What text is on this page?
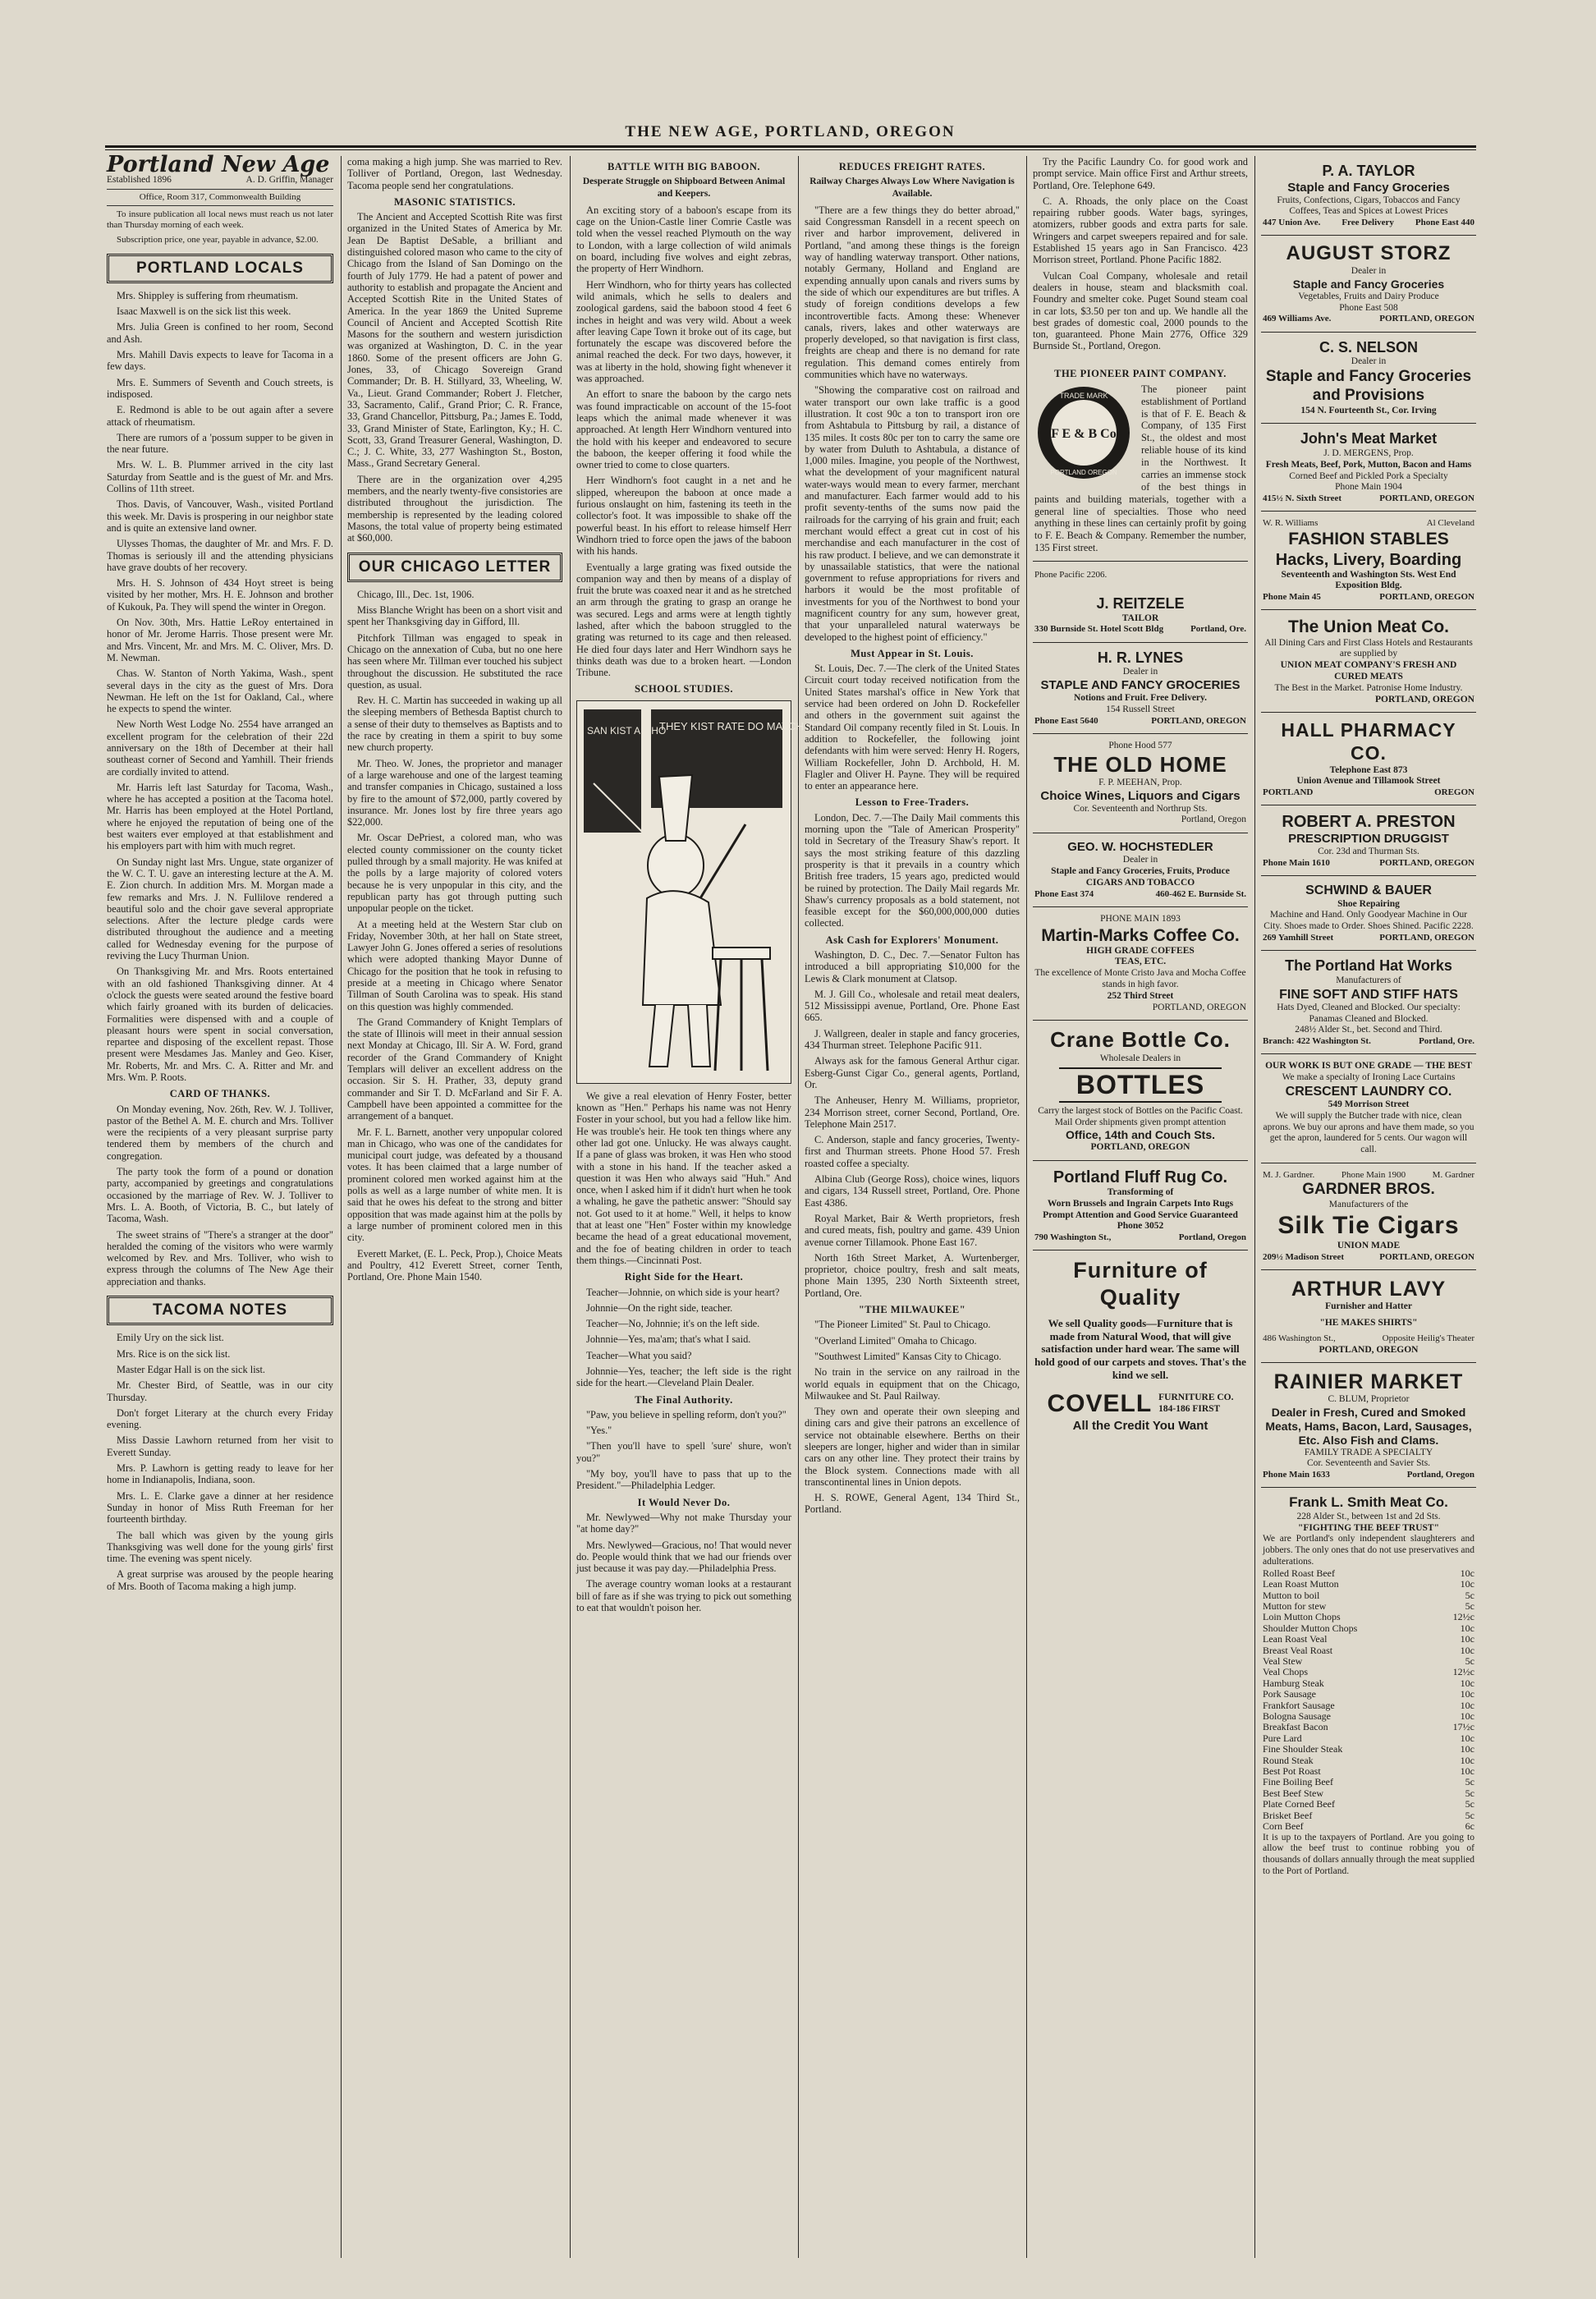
THE NEW AGE, PORTLAND, OREGON
Portland New Age
Established 1896	A. D. Griffin, Manager
Office, Room 317, Commonwealth Building

To insure publication all local news must reach us not later than Thursday morning of each week.

Subscription price, one year, payable in advance, $2.00.

PORTLAND LOCALS

Mrs. Shippley is suffering from rheumatism.

Isaac Maxwell is on the sick list this week.

Mrs. Julia Green is confined to her room, Second and Ash.

Mrs. Mahill Davis expects to leave for Tacoma in a few days.

Mrs. E. Summers of Seventh and Couch streets, is indisposed.

E. Redmond is able to be out again after a severe attack of rheumatism.

There are rumors of a 'possum supper to be given in the near future.

Mrs. W. L. B. Plummer arrived in the city last Saturday from Seattle and is the guest of Mr. and Mrs. Collins of 11th street.

Thos. Davis, of Vancouver, Wash., visited Portland this week. Mr. Davis is prospering in our neighbor state and is quite an extensive land owner.

Ulysses Thomas, the daughter of Mr. and Mrs. F. D. Thomas is seriously ill and the attending physicians have grave doubts of her recovery.

Mrs. H. S. Johnson of 434 Hoyt street is being visited by her mother, Mrs. H. E. Johnson and brother of Kukouk, Pa. They will spend the winter in Oregon.

On Nov. 30th, Mrs. Hattie LeRoy entertained in honor of Mr. Jerome Harris. Those present were Mr. and Mrs. Vincent, Mr. and Mrs. M. C. Oliver, Mrs. D. M. Newman.

Chas. W. Stanton of North Yakima, Wash., spent several days in the city as the guest of Mrs. Dora Newman. He left on the 1st for Oakland, Cal., where he expects to spend the winter.

New North West Lodge No. 2554 have arranged an excellent program for the celebration of their 22d anniversary on the 18th of December at their hall southeast corner of Second and Yamhill. Their friends are cordially invited to attend.

Mr. Harris left last Saturday for Tacoma, Wash., where he has accepted a position at the Tacoma hotel. Mr. Harris has been employed at the Hotel Portland, where he enjoyed the reputation of being one of the best waiters ever employed at that establishment and his employers part with him with much regret.

On Sunday night last Mrs. Ungue, state organizer of the W. C. T. U. gave an interesting lecture at the A. M. E. Zion church. In addition Mrs. M. Morgan made a few remarks and Mrs. J. N. Fullilove rendered a beautiful solo and the choir gave several appropriate selections. After the lecture pledge cards were distributed throughout the audience and a meeting called for Wednesday evening for the purpose of reviving the Lucy Thurman Union.

On Thanksgiving Mr. and Mrs. Roots entertained with an old fashioned Thanksgiving dinner. At 4 o'clock the guests were seated around the festive board which fairly groaned with its burden of delicacies. Formalities were dispensed with and a couple of pleasant hours were spent in social conversation, repartee and disposing of the excellent repast. Those present were Mesdames Jas. Manley and Geo. Kiser, Mr. Roberts, Mr. and Mrs. C. A. Ritter and Mr. and Mrs. Wm. P. Roots.

CARD OF THANKS.

On Monday evening, Nov. 26th, Rev. W. J. Tolliver, pastor of the Bethel A. M. E. church and Mrs. Tolliver were the recipients of a very pleasant surprise party tendered them by members of the church and congregation.

The party took the form of a pound or donation party, accompanied by greetings and congratulations occasioned by the marriage of Rev. W. J. Tolliver to Mrs. L. A. Booth, of Victoria, B. C., but lately of Tacoma, Wash.

The sweet strains of "There's a stranger at the door" heralded the coming of the visitors who were warmly welcomed by Rev. and Mrs. Tolliver, who wish to express through the columns of The New Age their appreciation and thanks.

TACOMA NOTES

Emily Ury on the sick list.

Mrs. Rice is on the sick list.

Master Edgar Hall is on the sick list.

Mr. Chester Bird, of Seattle, was in our city Thursday.

Don't forget Literary at the church every Friday evening.

Miss Dassie Lawhorn returned from her visit to Everett Sunday.

Mrs. P. Lawhorn is getting ready to leave for her home in Indianapolis, Indiana, soon.

Mrs. L. E. Clarke gave a dinner at her residence Sunday in honor of Miss Ruth Freeman for her fourteenth birthday.

The ball which was given by the young girls Thanksgiving was well done for the young girls' first time. The evening was spent nicely.

A great surprise was aroused by the people hearing of Mrs. Booth of Tacoma making a high jump.

coma making a high jump. She was married to Rev. Tolliver of Portland, Oregon, last Wednesday. Tacoma people send her congratulations.

MASONIC STATISTICS.

The Ancient and Accepted Scottish Rite was first organized in the United States of America by Mr. Jean De Baptist DeSable, a brilliant and distinguished colored mason who came to the city of Chicago from the Island of San Domingo on the fourth of July 1779. He had a patent of power and authority to establish and propagate the Ancient and Accepted Scottish Rite in the United States of America. In the year 1869 the United Supreme Council of Ancient and Accepted Scottish Rite Masons for the southern and western jurisdiction was organized at Washington, D. C. in the year 1860. Some of the present officers are John G. Jones, 33, of Chicago Sovereign Grand Commander; Dr. B. H. Stillyard, 33, Wheeling, W. Va., Lieut. Grand Commander; Robert J. Fletcher, 33, Sacramento, Calif., Grand Prior; C. R. France, 33, Grand Chancellor, Pittsburg, Pa.; James E. Todd, 33, Grand Minister of State, Earlington, Ky.; H. C. Scott, 33, Grand Treasurer General, Washington, D. C.; J. C. White, 33, 277 Washington St., Boston, Mass., Grand Secretary General.

There are in the organization over 4,295 members, and the nearly twenty-five consistories are distributed throughout the jurisdiction. The membership is represented by the leading colored Masons, the total value of property being estimated at $60,000.

OUR CHICAGO LETTER

Chicago, Ill., Dec. 1st, 1906.

Miss Blanche Wright has been on a short visit and spent her Thanksgiving day in Gifford, Ill.

Pitchfork Tillman was engaged to speak in Chicago on the annexation of Cuba, but no one here has seen where Mr. Tillman ever touched his subject throughout the discussion. He substituted the race question, as usual.

Rev. H. C. Martin has succeeded in waking up all the sleeping members of Bethesda Baptist church to a sense of their duty to themselves as Baptists and to the race by creating in them a spirit to buy some new church property.

Mr. Theo. W. Jones, the proprietor and manager of a large warehouse and one of the largest teaming and transfer companies in Chicago, sustained a loss by fire to the amount of $72,000, partly covered by insurance. Mr. Jones lost by fire three years ago $22,000.

Mr. Oscar DePriest, a colored man, who was elected county commissioner on the county ticket pulled through by a small majority. He was knifed at the polls by a large majority of colored voters because he is very unpopular in this city, and the republican party has got through putting such unpopular people on the ticket.

At a meeting held at the Western Star club on Friday, November 30th, at her hall on State street, Lawyer John G. Jones offered a series of resolutions which were adopted thanking Mayor Dunne of Chicago for the position that he took in refusing to preside at a meeting in Chicago where Senator Tillman of South Carolina was to speak. His stand on this question was highly commended.

The Grand Commandery of Knight Templars of the state of Illinois will meet in their annual session next Monday at Chicago, Ill. Sir A. W. Ford, grand recorder of the Grand Commandery of Knight Templars will deliver an excellent address on the occasion. Sir S. H. Prather, 33, deputy grand commander and Sir T. D. McFarland and Sir F. A. Campbell have been appointed a committee for the arrangement of a banquet.

Mr. F. L. Barnett, another very unpopular colored man in Chicago, who was one of the candidates for municipal court judge, was defeated by a thousand votes. It has been claimed that a large number of prominent colored men worked against him at the polls as well as a large number of white men. It is said that he owes his defeat to the strong and bitter opposition that was made against him at the polls by a large number of prominent colored men in this city.

Everett Market, (E. L. Peck, Prop.), Choice Meats and Poultry, 412 Everett Street, corner Tenth, Portland, Ore. Phone Main 1540.

BATTLE WITH BIG BABOON.
Desperate Struggle on Shipboard Between Animal and Keepers.

An exciting story of a baboon's escape from its cage on the Union-Castle liner Comrie Castle was told when the vessel reached Plymouth on the way to London, with a large collection of wild animals on board, including five wolves and eight zebras, the property of Herr Windhorn.

Herr Windhorn, who for thirty years has collected wild animals, which he sells to dealers and zoological gardens, said the baboon stood 4 feet 6 inches in height and was very wild. About a week after leaving Cape Town it broke out of its cage, but fortunately the escape was discovered before the animal reached the deck. For two days, however, it was at liberty in the hold, showing fight whenever it was approached.

An effort to snare the baboon by the cargo nets was found impracticable on account of the 15-foot leaps which the animal made whenever it was approached. At length Herr Windhorn ventured into the hold with his keeper and endeavored to secure the baboon, the keeper offering it food while the owner tried to come to close quarters.

Herr Windhorn's foot caught in a net and he slipped, whereupon the baboon at once made a furious onslaught on him, fastening its teeth in the collector's foot. It was impossible to shake off the powerful beast. In his effort to release himself Herr Windhorn tried to force open the jaws of the baboon with his hands.

Eventually a large grating was fixed outside the companion way and then by means of a display of fruit the brute was coaxed near it and as he stretched an arm through the grating to grasp an orange he was secured. Legs and arms were at length tightly lashed, after which the baboon struggled to the grating was returned to its cage and then released. He died four days later and Herr Windhorn says he thinks death was due to a broken heart. —London Tribune.

SCHOOL STUDIES.
THEY KIST RATE DO MATCH DOS
SAN KIST ALTHO

We give a real elevation of Henry Foster, better known as "Hen." Perhaps his name was not Henry Foster in your school, but you had a fellow like him. He was trouble's heir. He took ten things where any other lad got one. Unlucky. He was always caught. If a pane of glass was broken, it was Hen who stood with a stone in his hand. If the teacher asked a question it was Hen who always said "Huh." And once, when I asked him if it didn't hurt when he took a whaling, he gave the pathetic answer: "Should say not. Got used to it at home." Well, it helps to know that at least one "Hen" Foster within my knowledge became the head of a great educational movement, and the foe of beating children in order to teach them things.—Cincinnati Post.

Right Side for the Heart.

Teacher—Johnnie, on which side is your heart?

Johnnie—On the right side, teacher.

Teacher—No, Johnnie; it's on the left side.

Johnnie—Yes, ma'am; that's what I said.

Teacher—What you said?

Johnnie—Yes, teacher; the left side is the right side for the heart.—Cleveland Plain Dealer.

The Final Authority.

"Paw, you believe in spelling reform, don't you?"

"Yes."

"Then you'll have to spell 'sure' shure, won't you?"

"My boy, you'll have to pass that up to the President."—Philadelphia Ledger.

It Would Never Do.

Mr. Newlywed—Why not make Thursday your "at home day?"

Mrs. Newlywed—Gracious, no! That would never do. People would think that we had our friends over just because it was pay day.—Philadelphia Press.

The average country woman looks at a restaurant bill of fare as if she was trying to pick out something to eat that wouldn't poison her.

REDUCES FREIGHT RATES.
Railway Charges Always Low Where Navigation is Available.

"There are a few things they do better abroad," said Congressman Ransdell in a recent speech on river and harbor improvement, delivered in Portland, "and among these things is the foreign way of handling waterway transport. Other nations, notably Germany, Holland and England are expending annually upon canals and rivers sums by the side of which our expenditures are but trifles. A study of foreign conditions develops a few incontrovertible facts. Among these: Whenever canals, rivers, lakes and other waterways are properly developed, so that navigation is first class, freights are cheap and there is no demand for rate regulation. This demand comes entirely from communities which have no waterways.

"Showing the comparative cost on railroad and water transport our own lake traffic is a good illustration. It cost 90c a ton to transport iron ore from Ashtabula to Pittsburg by rail, a distance of 135 miles. It costs 80c per ton to carry the same ore by water from Duluth to Ashtabula, a distance of 1,000 miles. Imagine, you people of the Northwest, what the development of your magnificent natural water-ways would mean to every farmer, merchant and manufacturer. Each farmer would add to his profit seventy-tenths of the sums now paid the railroads for the carrying of his grain and fruit; each merchant would effect a great cut in cost of his merchandise and each manufacturer in the cost of his raw product. I believe, and we can demonstrate it by unassailable statistics, that were the national government to refuse appropriations for rivers and harbors it would be the most profitable of investments for you of the Northwest to bond your magnificent country for any sum, however great, that your unparalleled natural waterways be developed to the highest point of efficiency."

Must Appear in St. Louis.

St. Louis, Dec. 7.—The clerk of the United States Circuit court today received notification from the United States marshal's office in New York that service had been ordered on John D. Rockefeller and others in the government suit against the Standard Oil company recently filed in St. Louis. In addition to Rockefeller, the following joint defendants with him were served: Henry H. Rogers, William Rockefeller, John D. Archbold, H. M. Flagler and Oliver H. Payne. They will be required to enter an appearance here.

Lesson to Free-Traders.

London, Dec. 7.—The Daily Mail comments this morning upon the "Tale of American Prosperity" told in Secretary of the Treasury Shaw's report. It says the most striking feature of this dazzling prosperity is that it prevails in a country which British free traders, 15 years ago, predicted would be ruined by protection. The Daily Mail regards Mr. Shaw's currency proposals as a bold statement, not feasible except for the $60,000,000,000 duties collected.

Ask Cash for Explorers' Monument.

Washington, D. C., Dec. 7.—Senator Fulton has introduced a bill appropriating $10,000 for the Lewis & Clark monument at Clatsop.

M. J. Gill Co., wholesale and retail meat dealers, 512 Mississippi avenue, Portland, Ore. Phone East 665.

J. Wallgreen, dealer in staple and fancy groceries, 434 Thurman street. Telephone Pacific 911.

Always ask for the famous General Arthur cigar. Esberg-Gunst Cigar Co., general agents, Portland, Or.

The Anheuser, Henry M. Williams, proprietor, 234 Morrison street, corner Second, Portland, Ore. Telephone Main 2517.

C. Anderson, staple and fancy groceries, Twenty-first and Thurman streets. Phone Hood 57. Fresh roasted coffee a specialty.

Albina Club (George Ross), choice wines, liquors and cigars, 134 Russell street, Portland, Ore. Phone East 4386.

Royal Market, Bair & Werth proprietors, fresh and cured meats, fish, poultry and game. 439 Union avenue corner Tillamook. Phone East 167.

North 16th Street Market, A. Wurtenberger, proprietor, choice poultry, fresh and salt meats, phone Main 1395, 230 North Sixteenth street, Portland, Ore.

"THE MILWAUKEE"

"The Pioneer Limited" St. Paul to Chicago.

"Overland Limited" Omaha to Chicago.

"Southwest Limited" Kansas City to Chicago.

No train in the service on any railroad in the world equals in equipment that on the Chicago, Milwaukee and St. Paul Railway.

They own and operate their own sleeping and dining cars and give their patrons an excellence of service not obtainable elsewhere. Berths on their sleepers are longer, higher and wider than in similar cars on any other line. They protect their trains by the Block system. Connections made with all transcontinental lines in Union depots.

H. S. ROWE, General Agent, 134 Third St., Portland.

Try the Pacific Laundry Co. for good work and prompt service. Main office First and Arthur streets, Portland, Ore. Telephone 649.

C. A. Rhoads, the only place on the Coast repairing rubber goods. Water bags, syringes, atomizers, rubber goods and extra parts for sale. Wringers and carpet sweepers repaired and for sale. Established 15 years ago in San Francisco. 423 Morrison street, Portland. Phone Pacific 1882.

Vulcan Coal Company, wholesale and retail dealers in house, steam and blacksmith coal. Foundry and smelter coke. Puget Sound steam coal in car lots, $3.50 per ton and up. We handle all the best grades of domestic coal, 2000 pounds to the ton, guaranteed. Phone Main 2776, Office 329 Burnside St., Portland, Oregon.

THE PIONEER PAINT COMPANY.
TRADE MARK
F E & B Co
PORTLAND OREGON
The pioneer paint establishment of Portland is that of F. E. Beach & Company, of 135 First St., the oldest and most reliable house of its kind in the Northwest. It carries an immense stock of the best things in paints and building materials, together with a general line of specialties. Those who need anything in these lines can certainly profit by going to F. E. Beach & Company. Remember the number, 135 First street.
Phone Pacific 2206.
J. REITZELE
TAILOR
330 Burnside St. Hotel Scott Bldg	Portland, Ore.
H. R. LYNES
Dealer in
STAPLE AND FANCY GROCERIES
Notions and Fruit. Free Delivery.
154 Russell Street
Phone East 5640	PORTLAND, OREGON
Phone Hood 577
THE OLD HOME
F. P. MEEHAN, Prop.
Choice Wines, Liquors and Cigars
Cor. Seventeenth and Northrup Sts.
Portland, Oregon
GEO. W. HOCHSTEDLER
Dealer in
Staple and Fancy Groceries, Fruits, Produce
CIGARS AND TOBACCO
Phone East 374	460-462 E. Burnside St.
PHONE MAIN 1893
Martin-Marks Coffee Co.
HIGH GRADE COFFEES
TEAS, ETC.
The excellence of Monte Cristo Java and Mocha Coffee stands in high favor.
252 Third Street
PORTLAND, OREGON
Crane Bottle Co.
Wholesale Dealers in
BOTTLES
Carry the largest stock of Bottles on the Pacific Coast. Mail Order shipments given prompt attention
Office, 14th and Couch Sts.
PORTLAND, OREGON
Portland Fluff Rug Co.
Transforming of
Worn Brussels and Ingrain Carpets Into Rugs
Prompt Attention and Good Service Guaranteed
Phone 3052
790 Washington St.,	Portland, Oregon
Furniture of Quality
We sell Quality goods—Furniture that is made from Natural Wood, that will give satisfaction under hard wear. The same will hold good of our carpets and stoves. That's the kind we sell.
COVELL FURNITURE CO.
184-186 FIRST
All the Credit You Want
P. A. TAYLOR
Staple and Fancy Groceries
Fruits, Confections, Cigars, Tobaccos and Fancy Coffees, Teas and Spices at Lowest Prices
447 Union Ave. Free Delivery Phone East 440
AUGUST STORZ
Dealer in
Staple and Fancy Groceries
Vegetables, Fruits and Dairy Produce
Phone East 508
469 Williams Ave.	PORTLAND, OREGON
C. S. NELSON
Dealer in
Staple and Fancy Groceries and Provisions
154 N. Fourteenth St., Cor. Irving
John's Meat Market
J. D. MERGENS, Prop.
Fresh Meats, Beef, Pork, Mutton, Bacon and Hams
Corned Beef and Pickled Pork a Specialty
Phone Main 1904
415½ N. Sixth Street	PORTLAND, OREGON
W. R. Williams	Al Cleveland
FASHION STABLES
Hacks, Livery, Boarding
Seventeenth and Washington Sts. West End Exposition Bldg.
Phone Main 45	PORTLAND, OREGON
The Union Meat Co.
All Dining Cars and First Class Hotels and Restaurants are supplied by
UNION MEAT COMPANY'S FRESH AND CURED MEATS
The Best in the Market. Patronise Home Industry.
PORTLAND, OREGON
HALL PHARMACY CO.
Telephone East 873
Union Avenue and Tillamook Street
PORTLAND	OREGON
ROBERT A. PRESTON
PRESCRIPTION DRUGGIST
Cor. 23d and Thurman Sts.
Phone Main 1610	PORTLAND, OREGON
SCHWIND & BAUER
Shoe Repairing
Machine and Hand. Only Goodyear Machine in Our City. Shoes made to Order. Shoes Shined. Pacific 2228.
269 Yamhill Street	PORTLAND, OREGON
The Portland Hat Works
Manufacturers of
FINE SOFT AND STIFF HATS
Hats Dyed, Cleaned and Blocked. Our specialty: Panamas Cleaned and Blocked.
248½ Alder St., bet. Second and Third.
Branch: 422 Washington St.	Portland, Ore.
OUR WORK IS BUT ONE GRADE — THE BEST
We make a specialty of Ironing Lace Curtains
CRESCENT LAUNDRY CO.
549 Morrison Street
We will supply the Butcher trade with nice, clean aprons. We buy our aprons and have them made, so you get the apron, laundered for 5 cents. Our wagon will call.
M. J. Gardner.	Phone Main 1900	M. Gardner
GARDNER BROS.
Manufacturers of the
Silk Tie Cigars
UNION MADE
209½ Madison Street	PORTLAND, OREGON
ARTHUR LAVY
Furnisher and Hatter
"HE MAKES SHIRTS"
486 Washington St.,	Opposite Heilig's Theater
PORTLAND, OREGON
RAINIER MARKET
C. BLUM, Proprietor
Dealer in Fresh, Cured and Smoked Meats, Hams, Bacon, Lard, Sausages, Etc. Also Fish and Clams.
FAMILY TRADE A SPECIALTY
Cor. Seventeenth and Savier Sts.
Phone Main 1633	Portland, Oregon
Frank L. Smith Meat Co.
228 Alder St., between 1st and 2d Sts.
"FIGHTING THE BEEF TRUST"
We are Portland's only independent slaughterers and jobbers. The only ones that do not use preservatives and adulterations.
Rolled Roast Beef	10c
Lean Roast Mutton	10c
Mutton to boil	5c
Mutton for stew	5c
Loin Mutton Chops	12½c
Shoulder Mutton Chops	10c
Lean Roast Veal	10c
Breast Veal Roast	10c
Veal Stew	5c
Veal Chops	12½c
Hamburg Steak	10c
Pork Sausage	10c
Frankfort Sausage	10c
Bologna Sausage	10c
Breakfast Bacon	17½c
Pure Lard	10c
Fine Shoulder Steak	10c
Round Steak	10c
Best Pot Roast	10c
Fine Boiling Beef	5c
Best Beef Stew	5c
Plate Corned Beef	5c
Brisket Beef	5c
Corn Beef	6c
It is up to the taxpayers of Portland. Are you going to allow the beef trust to continue robbing you of thousands of dollars annually through the meat supplied to the Port of Portland.
